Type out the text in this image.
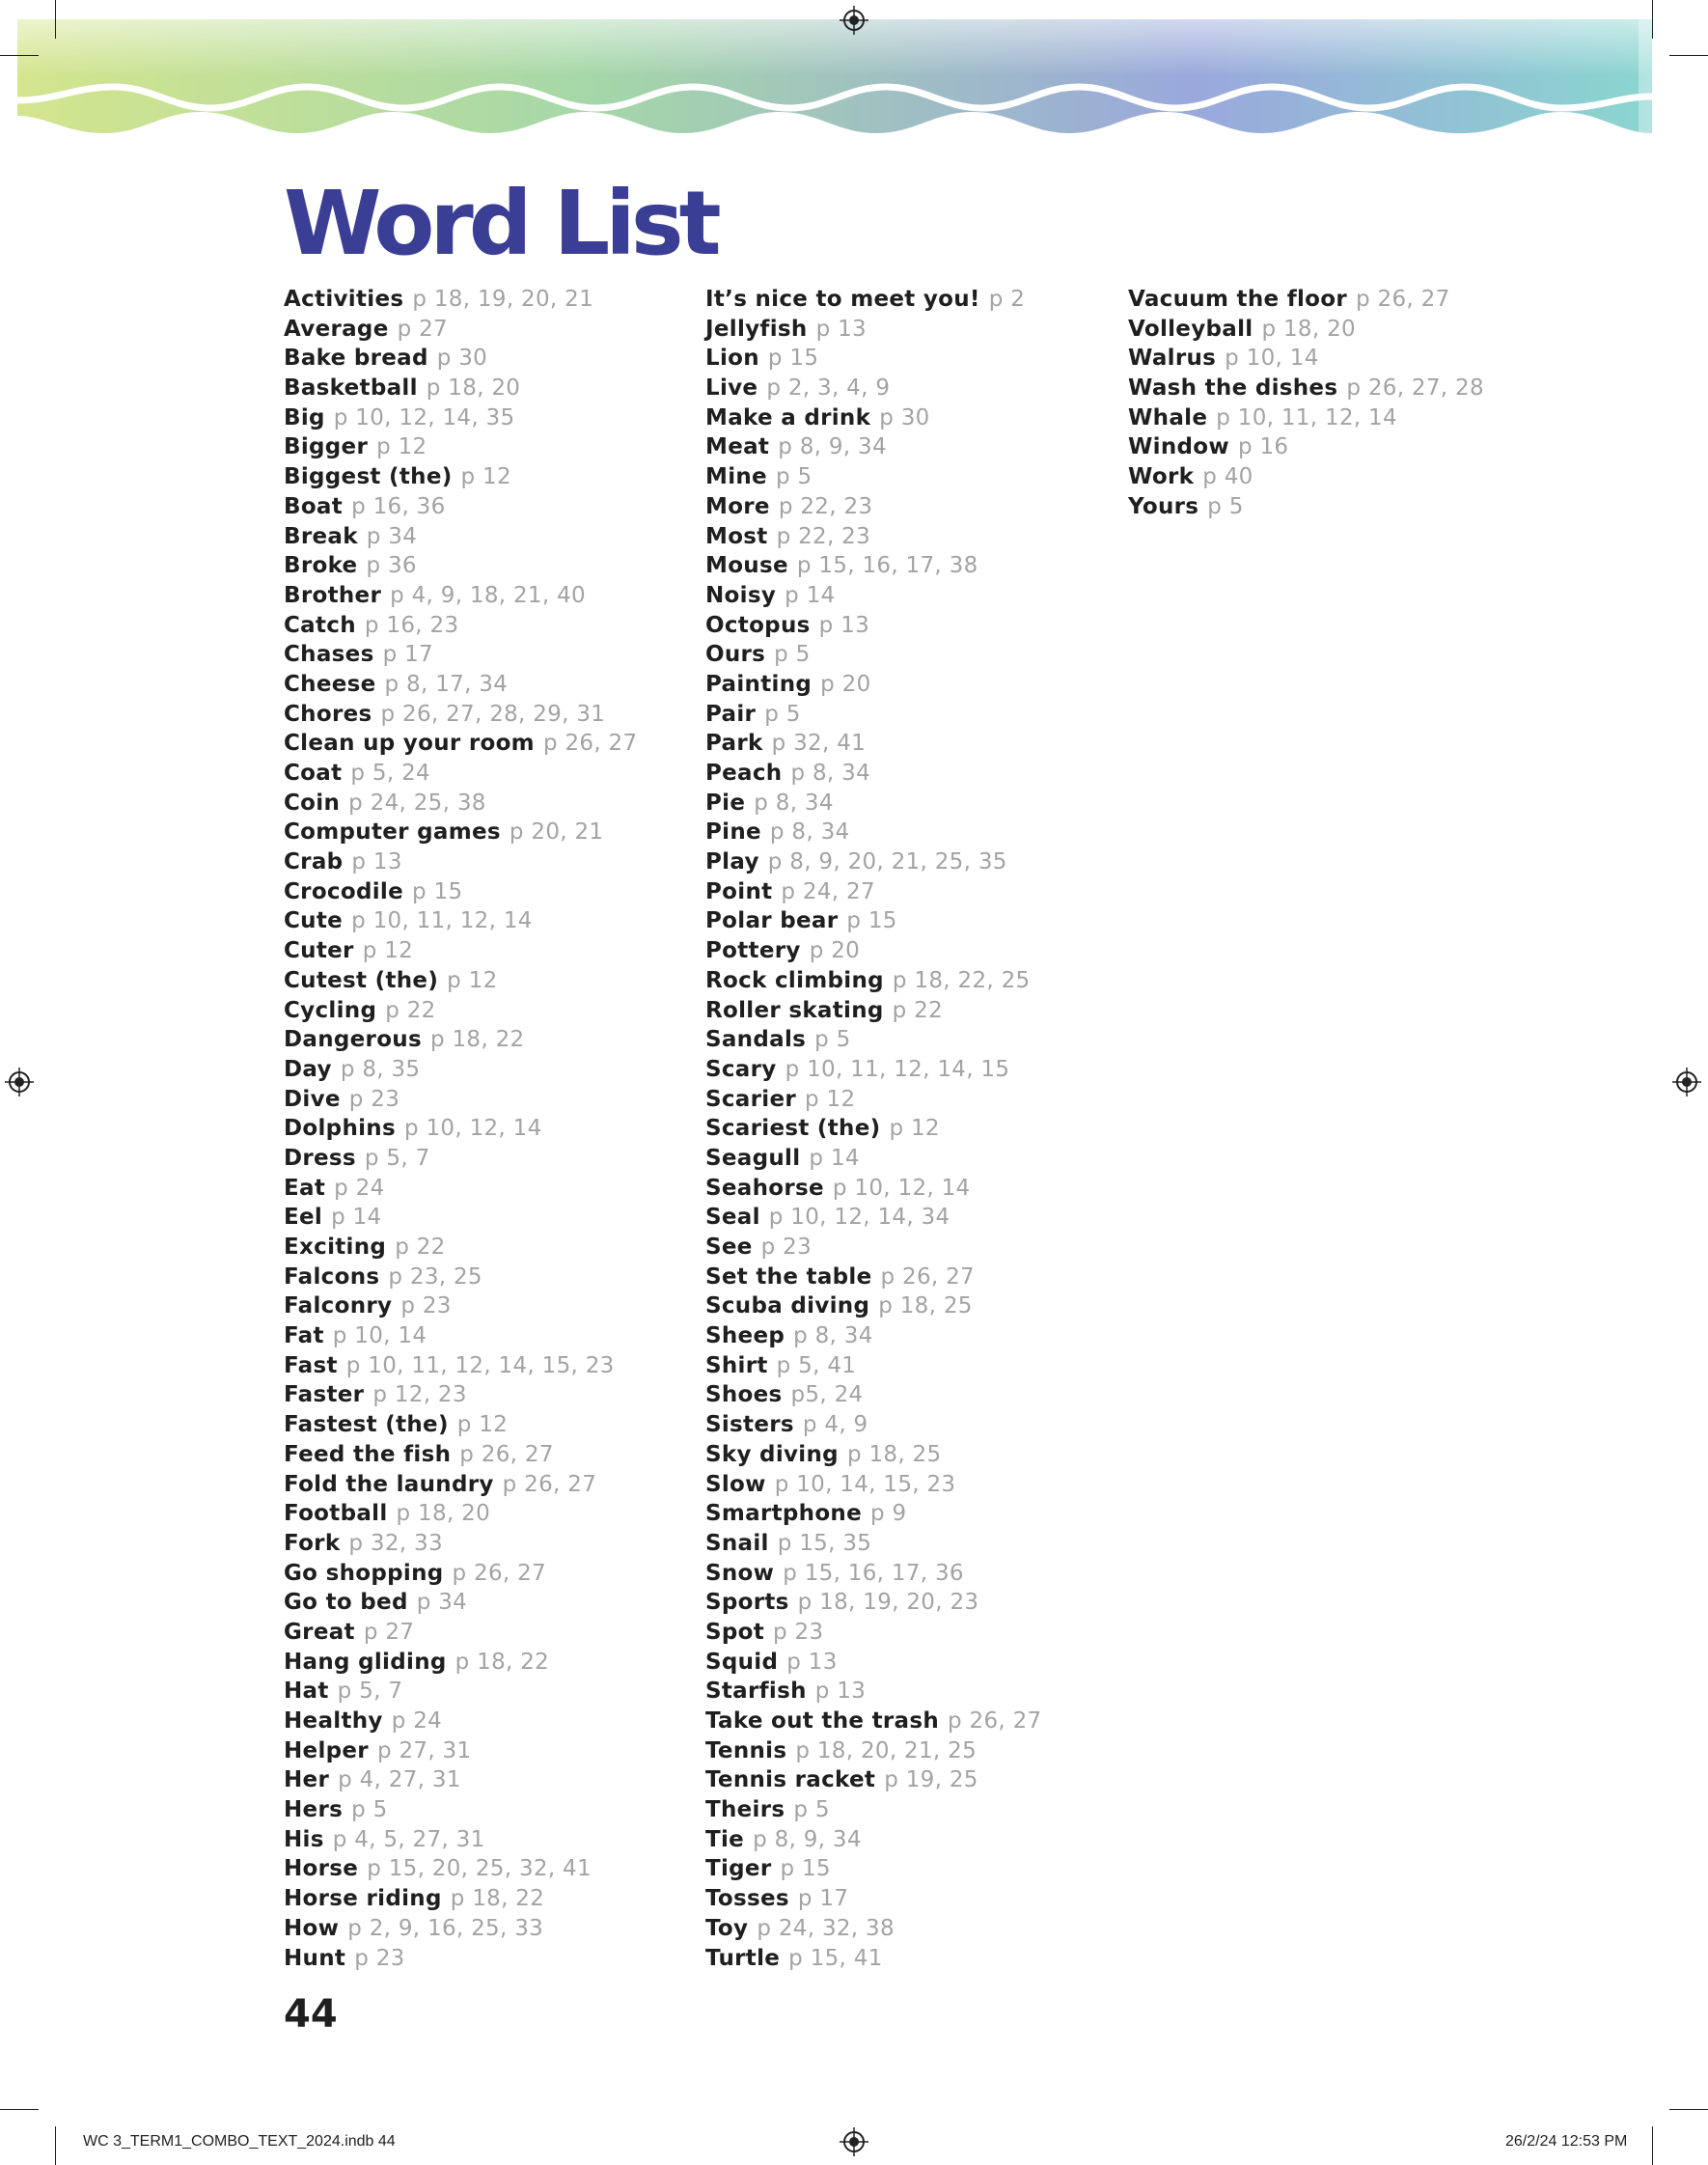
Word List
Activities p 18, 19, 20, 21
Average p 27
Bake bread p 30
Basketball p 18, 20
Big p 10, 12, 14, 35
Bigger p 12
Biggest (the) p 12
Boat p 16, 36
Break p 34
Broke p 36
Brother p 4, 9, 18, 21, 40
Catch p 16, 23
Chases p 17
Cheese p 8, 17, 34
Chores p 26, 27, 28, 29, 31
Clean up your room p 26, 27
Coat p 5, 24
Coin p 24, 25, 38
Computer games p 20, 21
Crab p 13
Crocodile p 15
Cute p 10, 11, 12, 14
Cuter p 12
Cutest (the) p 12
Cycling p 22
Dangerous p 18, 22
Day p 8, 35
Dive p 23
Dolphins p 10, 12, 14
Dress p 5, 7
Eat p 24
Eel p 14
Exciting p 22
Falcons p 23, 25
Falconry p 23
Fat p 10, 14
Fast p 10, 11, 12, 14, 15, 23
Faster p 12, 23
Fastest (the) p 12
Feed the fish p 26, 27
Fold the laundry p 26, 27
Football p 18, 20
Fork p 32, 33
Go shopping p 26, 27
Go to bed p 34
Great p 27
Hang gliding p 18, 22
Hat p 5, 7
Healthy p 24
Helper p 27, 31
Her p 4, 27, 31
Hers p 5
His p 4, 5, 27, 31
Horse p 15, 20, 25, 32, 41
Horse riding p 18, 22
How p 2, 9, 16, 25, 33
Hunt p 23
It’s nice to meet you! p 2
Jellyfish p 13
Lion p 15
Live p 2, 3, 4, 9
Make a drink p 30
Meat p 8, 9, 34
Mine p 5
More p 22, 23
Most p 22, 23
Mouse p 15, 16, 17, 38
Noisy p 14
Octopus p 13
Ours p 5
Painting p 20
Pair p 5
Park p 32, 41
Peach p 8, 34
Pie p 8, 34
Pine p 8, 34
Play p 8, 9, 20, 21, 25, 35
Point p 24, 27
Polar bear p 15
Pottery p 20
Rock climbing p 18, 22, 25
Roller skating p 22
Sandals p 5
Scary p 10, 11, 12, 14, 15
Scarier p 12
Scariest (the) p 12
Seagull p 14
Seahorse p 10, 12, 14
Seal p 10, 12, 14, 34
See p 23
Set the table p 26, 27
Scuba diving p 18, 25
Sheep p 8, 34
Shirt p 5, 41
Shoes p5, 24
Sisters p 4, 9
Sky diving p 18, 25
Slow p 10, 14, 15, 23
Smartphone p 9
Snail p 15, 35
Snow p 15, 16, 17, 36
Sports p 18, 19, 20, 23
Spot p 23
Squid p 13
Starfish p 13
Take out the trash p 26, 27
Tennis p 18, 20, 21, 25
Tennis racket p 19, 25
Theirs p 5
Tie p 8, 9, 34
Tiger p 15
Tosses p 17
Toy p 24, 32, 38
Turtle p 15, 41
Vacuum the floor p 26, 27
Volleyball p 18, 20
Walrus p 10, 14
Wash the dishes p 26, 27, 28
Whale p 10, 11, 12, 14
Window p 16
Work p 40
Yours p 5
44
WC 3_TERM1_COMBO_TEXT_2024.indb 44	26/2/24 12:53 PM
